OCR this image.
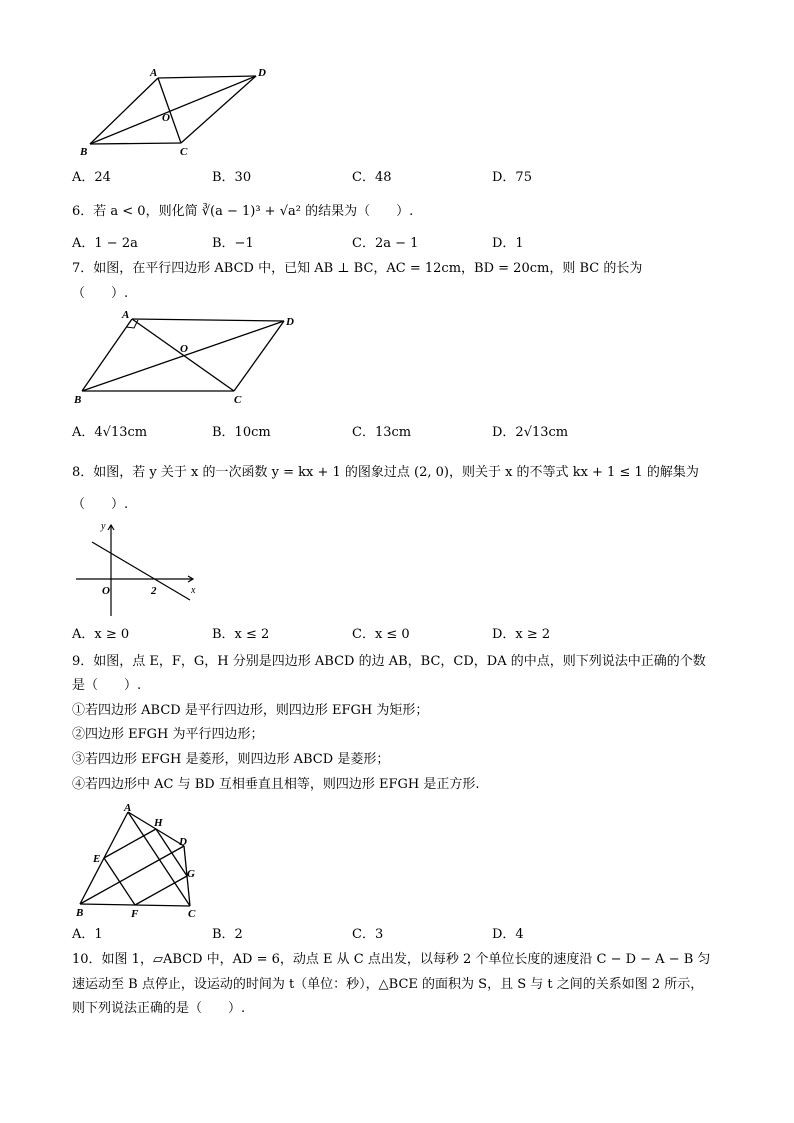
A	D
O
B	C
A．24	B．30	C．48	D．75
6．若 a < 0，则化简 ∛(a − 1)³ + √a² 的结果为（　　）.
A．1 − 2a	B．−1	C．2a − 1	D．1
7．如图，在平行四边形 ABCD 中，已知 AB ⊥ BC，AC = 12cm，BD = 20cm，则 BC 的长为
（　　）.
A
D
O
B	C
A．4√13cm	B．10cm	C．13cm	D．2√13cm
8．如图，若 y 关于 x 的一次函数 y = kx + 1 的图象过点 (2, 0)，则关于 x 的不等式 kx + 1 ≤ 1 的解集为
（　　）.
y
x
O	2
A．x ≥ 0	B．x ≤ 2	C．x ≤ 0	D．x ≥ 2
9．如图，点 E，F，G，H 分别是四边形 ABCD 的边 AB，BC，CD，DA 的中点，则下列说法中正确的个数
是（　　）.
①若四边形 ABCD 是平行四边形，则四边形 EFGH 为矩形；
②四边形 EFGH 为平行四边形；
③若四边形 EFGH 是菱形，则四边形 ABCD 是菱形；
④若四边形中 AC 与 BD 互相垂直且相等，则四边形 EFGH 是正方形.
A
H
D
E
G
B	F	C
A．1	B．2	C．3	D．4
10．如图 1，▱ABCD 中，AD = 6，动点 E 从 C 点出发，以每秒 2 个单位长度的速度沿 C − D − A − B 匀
速运动至 B 点停止，设运动的时间为 t（单位：秒），△BCE 的面积为 S，且 S 与 t 之间的关系如图 2 所示，
则下列说法正确的是（　　）.
